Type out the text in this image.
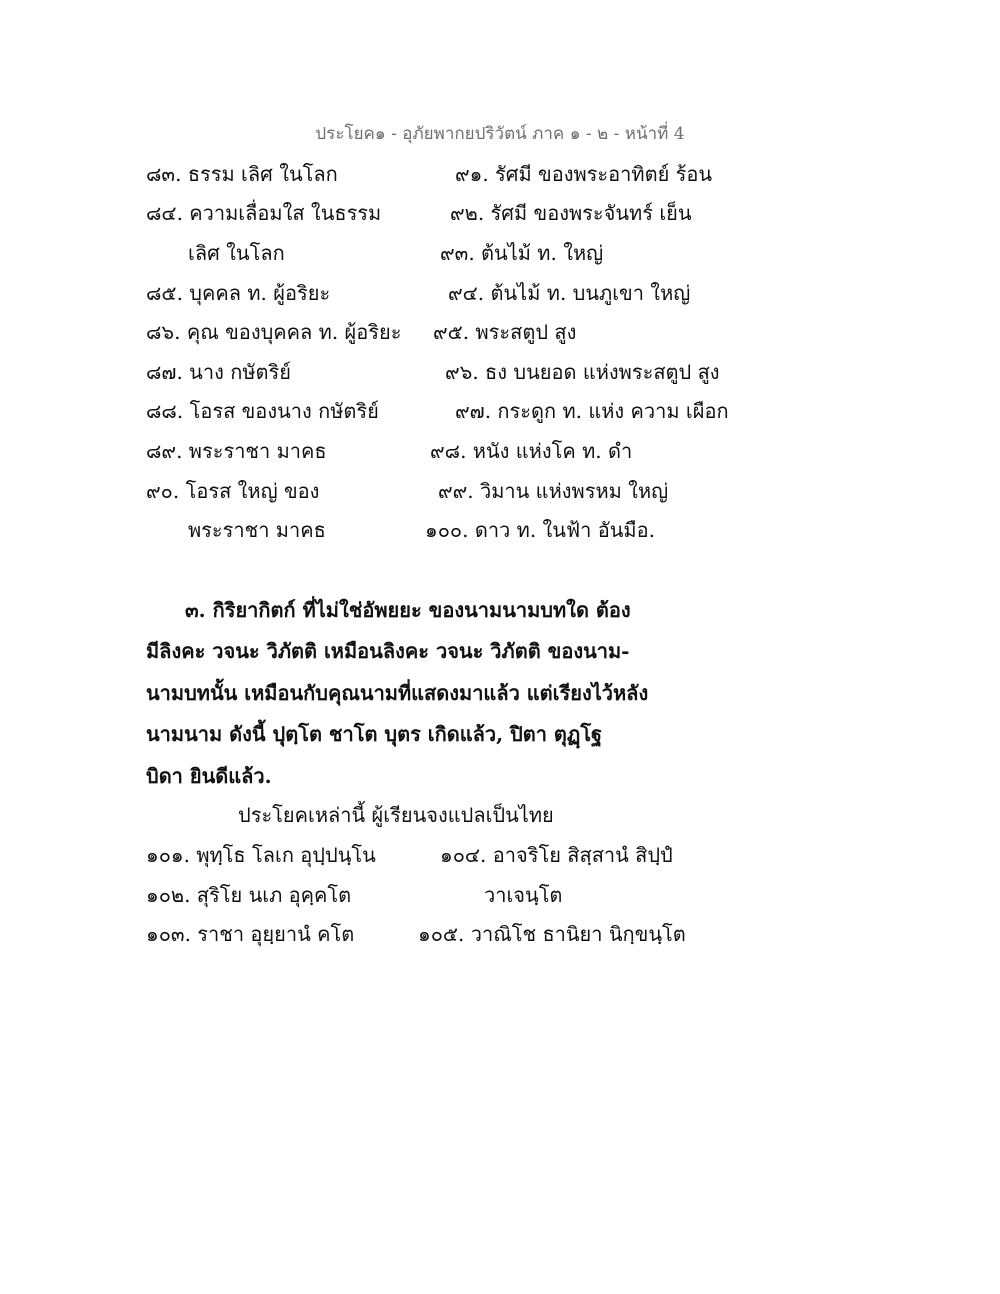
ประโยค๑ - อุภัยพากยปริวัตน์ ภาค ๑ - ๒ - หน้าที่ 4
๘๓. ธรรม เลิศ ในโลก
๘๔. ความเลื่อมใส ในธรรม
เลิศ ในโลก
๘๕. บุคคล ท. ผู้อริยะ
๘๖. คุณ ของบุคคล ท. ผู้อริยะ
๘๗. นาง กษัตริย์
๘๘. โอรส ของนาง กษัตริย์
๘๙. พระราชา มาคธ
๙๐. โอรส ใหญ่ ของ
พระราชา มาคธ
๙๑. รัศมี ของพระอาทิตย์ ร้อน
๙๒. รัศมี ของพระจันทร์ เย็น
๙๓. ต้นไม้ ท. ใหญ่
๙๔. ต้นไม้ ท. บนภูเขา ใหญ่
๙๕. พระสตูป สูง
๙๖. ธง บนยอด แห่งพระสตูป สูง
๙๗. กระดูก ท. แห่ง ความ เผือก
๙๘. หนัง แห่งโค ท. ดำ
๙๙. วิมาน แห่งพรหม ใหญ่
๑๐๐. ดาว ท. ในฟ้า อันมือ.
๓. กิริยากิตก์ ที่ไม่ใช่อัพยยะ ของนามนามบทใด ต้อง
มีลิงคะ วจนะ วิภัตติ เหมือนลิงคะ วจนะ วิภัตติ ของนาม-
นามบทนั้น เหมือนกับคุณนามที่แสดงมาแล้ว แต่เรียงไว้หลัง
นามนาม ดังนี้ ปุตฺโต ชาโต บุตร เกิดแล้ว, ปิตา ตุฏฺโฐ
บิดา ยินดีแล้ว.
ประโยคเหล่านี้ ผู้เรียนจงแปลเป็นไทย
๑๐๑. พุทฺโธ โลเก อุปฺปนฺโน
๑๐๒. สุริโย นเภ อุคฺคโต
๑๐๓. ราชา อุยฺยานํ คโต
๑๐๔. อาจริโย สิสฺสานํ สิปฺปํ
วาเจนฺโต
๑๐๕. วาณิโช ธานิยา นิกฺขนฺโต
